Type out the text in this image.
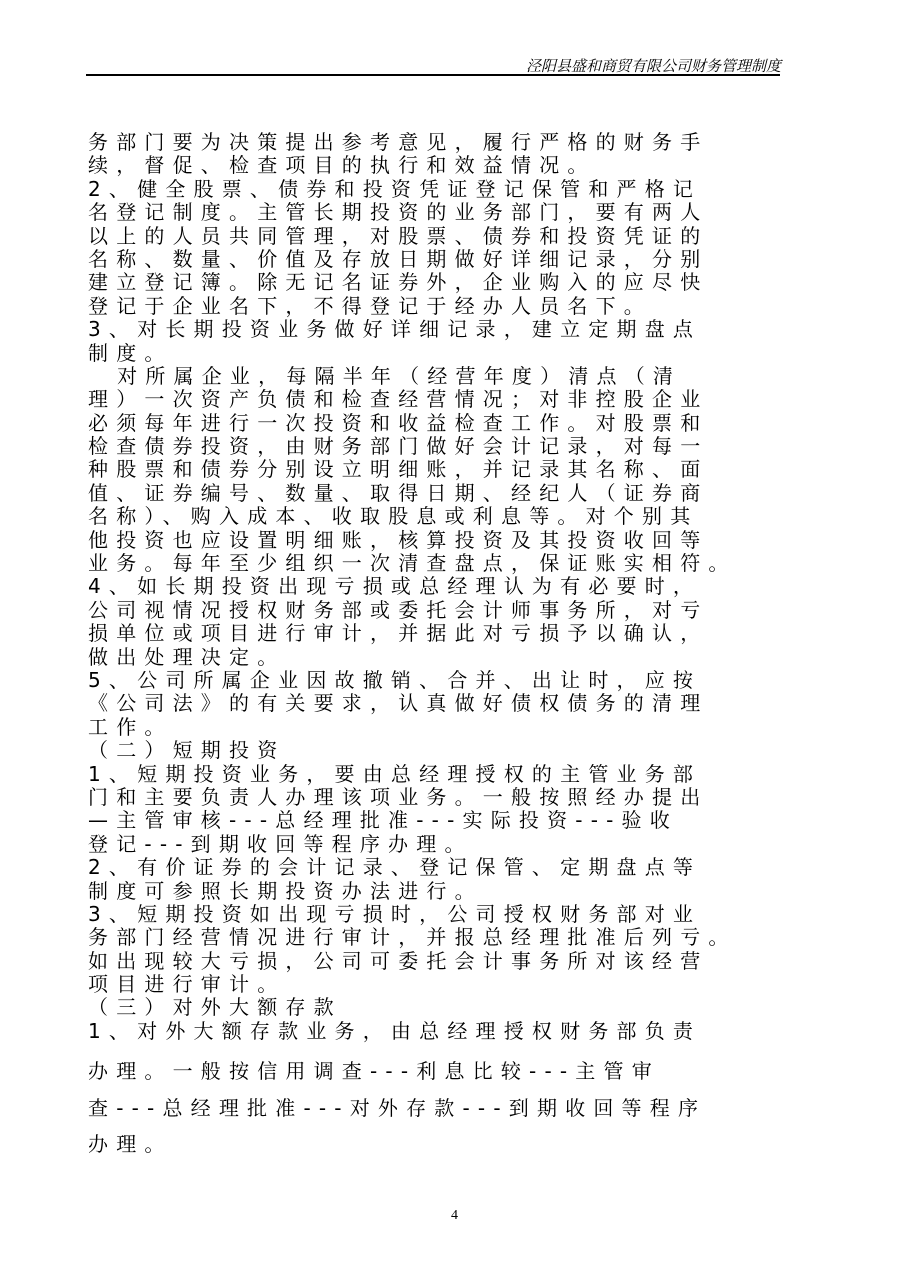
泾阳县盛和商贸有限公司财务管理制度
务部门要为决策提出参考意见，履行严格的财务手
续，督促、检查项目的执行和效益情况。
2、健全股票、债券和投资凭证登记保管和严格记
名登记制度。主管长期投资的业务部门，要有两人
以上的人员共同管理，对股票、债券和投资凭证的
名称、数量、价值及存放日期做好详细记录，分别
建立登记簿。除无记名证券外，企业购入的应尽快
登记于企业名下，不得登记于经办人员名下。
3、对长期投资业务做好详细记录，建立定期盘点
制度。
对所属企业，每隔半年（经营年度）清点（清
理）一次资产负债和检查经营情况；对非控股企业
必须每年进行一次投资和收益检查工作。对股票和
检查债券投资，由财务部门做好会计记录，对每一
种股票和债券分别设立明细账，并记录其名称、面
值、证券编号、数量、取得日期、经纪人（证券商
名称）、购入成本、收取股息或利息等。对个别其
他投资也应设置明细账，核算投资及其投资收回等
业务。每年至少组织一次清查盘点，保证账实相符。
4、如长期投资出现亏损或总经理认为有必要时，
公司视情况授权财务部或委托会计师事务所，对亏
损单位或项目进行审计，并据此对亏损予以确认，
做出处理决定。
5、公司所属企业因故撤销、合并、出让时，应按
《公司法》的有关要求，认真做好债权债务的清理
工作。
（二）短期投资
1、短期投资业务，要由总经理授权的主管业务部
门和主要负责人办理该项业务。一般按照经办提出
—主管审核---总经理批准---实际投资---验收
登记---到期收回等程序办理。
2、有价证券的会计记录、登记保管、定期盘点等
制度可参照长期投资办法进行。
3、短期投资如出现亏损时，公司授权财务部对业
务部门经营情况进行审计，并报总经理批准后列亏。
如出现较大亏损，公司可委托会计事务所对该经营
项目进行审计。
（三）对外大额存款
1、对外大额存款业务，由总经理授权财务部负责
办理。一般按信用调查---利息比较---主管审
查---总经理批准---对外存款---到期收回等程序
办理。
4
